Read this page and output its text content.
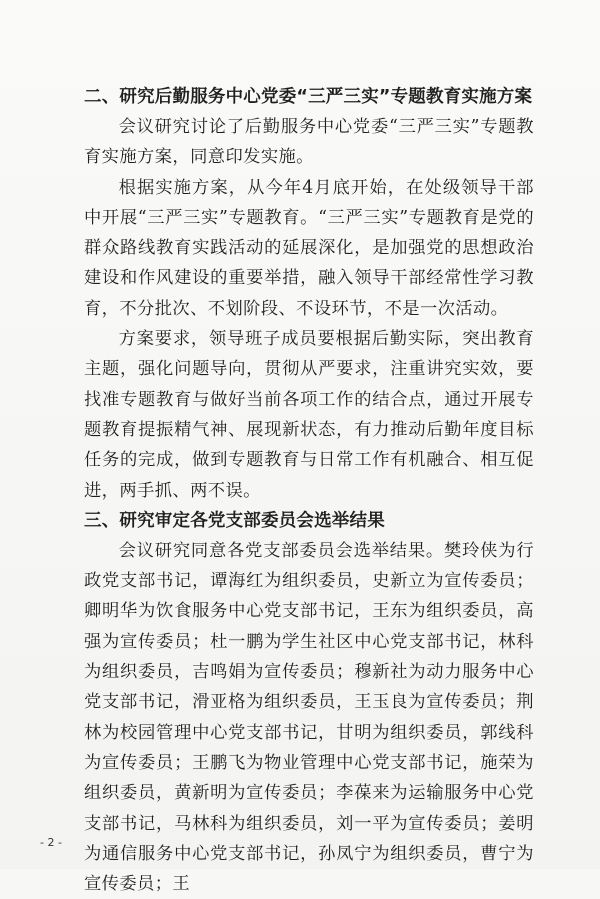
二、研究后勤服务中心党委“三严三实”专题教育实施方案

会议研究讨论了后勤服务中心党委“三严三实”专题教育实施方案，同意印发实施。

根据实施方案，从今年4月底开始，在处级领导干部中开展“三严三实”专题教育。“三严三实”专题教育是党的群众路线教育实践活动的延展深化，是加强党的思想政治建设和作风建设的重要举措，融入领导干部经常性学习教育，不分批次、不划阶段、不设环节，不是一次活动。

方案要求，领导班子成员要根据后勤实际，突出教育主题，强化问题导向，贯彻从严要求，注重讲究实效，要找准专题教育与做好当前各项工作的结合点，通过开展专题教育提振精气神、展现新状态，有力推动后勤年度目标任务的完成，做到专题教育与日常工作有机融合、相互促进，两手抓、两不误。

三、研究审定各党支部委员会选举结果

会议研究同意各党支部委员会选举结果。樊玲侠为行政党支部书记，谭海红为组织委员，史新立为宣传委员；卿明华为饮食服务中心党支部书记，王东为组织委员，高强为宣传委员；杜一鹏为学生社区中心党支部书记，林科为组织委员，吉鸣娟为宣传委员；穆新社为动力服务中心党支部书记，滑亚格为组织委员，王玉良为宣传委员；荆林为校园管理中心党支部书记，甘明为组织委员，郭线科为宣传委员；王鹏飞为物业管理中心党支部书记，施荣为组织委员，黄新明为宣传委员；李葆来为运输服务中心党支部书记，马林科为组织委员，刘一平为宣传委员；姜明为通信服务中心党支部书记，孙凤宁为组织委员，曹宁为宣传委员；王

- 2 -
